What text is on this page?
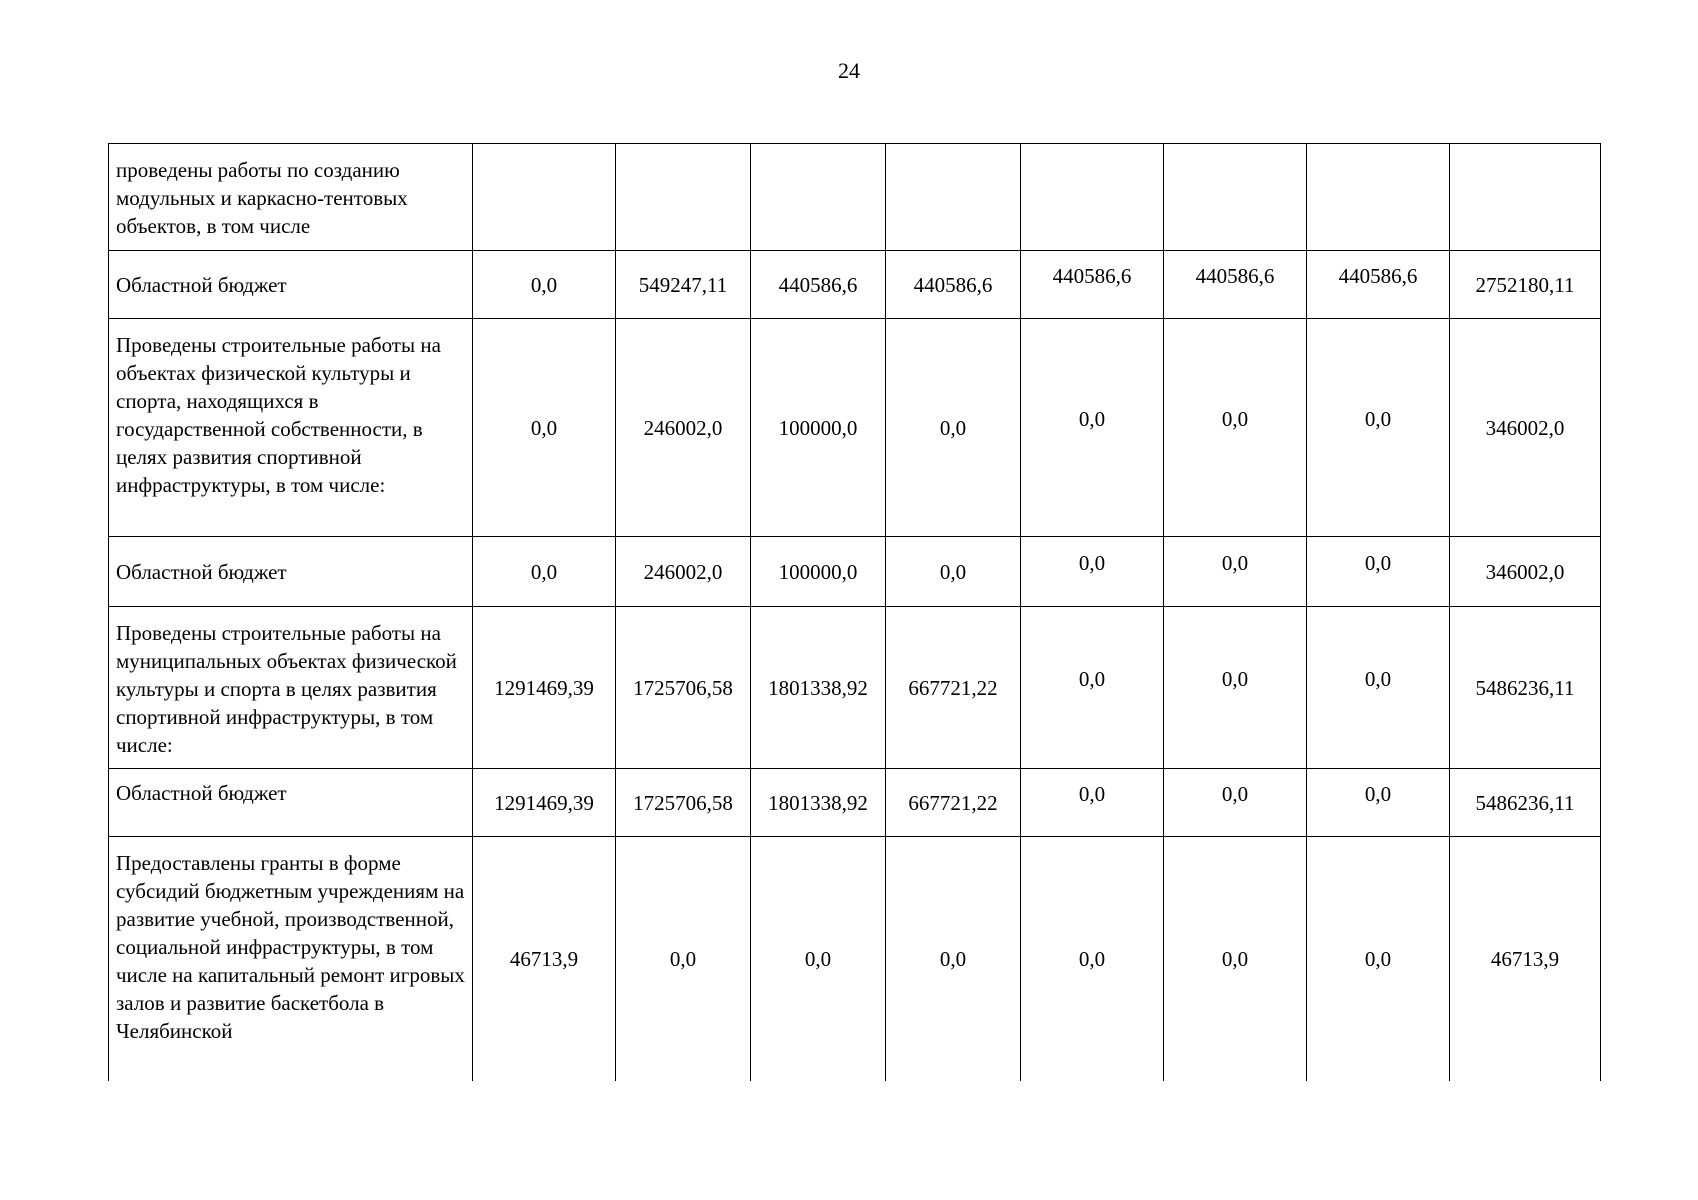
24
проведены работы по созданию модульных и каркасно-тентовых объектов, в том числе								
Областной бюджет	0,0	549247,11	440586,6	440586,6	440586,6	440586,6	440586,6	2752180,11
Проведены строительные работы на объектах физической культуры и спорта, находящихся в государственной собственности, в целях развития спортивной инфраструктуры, в том числе:	0,0	246002,0	100000,0	0,0	0,0	0,0	0,0	346002,0
Областной бюджет	0,0	246002,0	100000,0	0,0	0,0	0,0	0,0	346002,0
Проведены строительные работы на муниципальных объектах физической культуры и спорта в целях развития спортивной инфраструктуры, в том числе:	1291469,39	1725706,58	1801338,92	667721,22	0,0	0,0	0,0	5486236,11
Областной бюджет	1291469,39	1725706,58	1801338,92	667721,22	0,0	0,0	0,0	5486236,11
Предоставлены гранты в форме субсидий бюджетным учреждениям на развитие учебной, производственной, социальной инфраструктуры, в том числе на капитальный ремонт игровых залов и развитие баскетбола в Челябинской	46713,9	0,0	0,0	0,0	0,0	0,0	0,0	46713,9
